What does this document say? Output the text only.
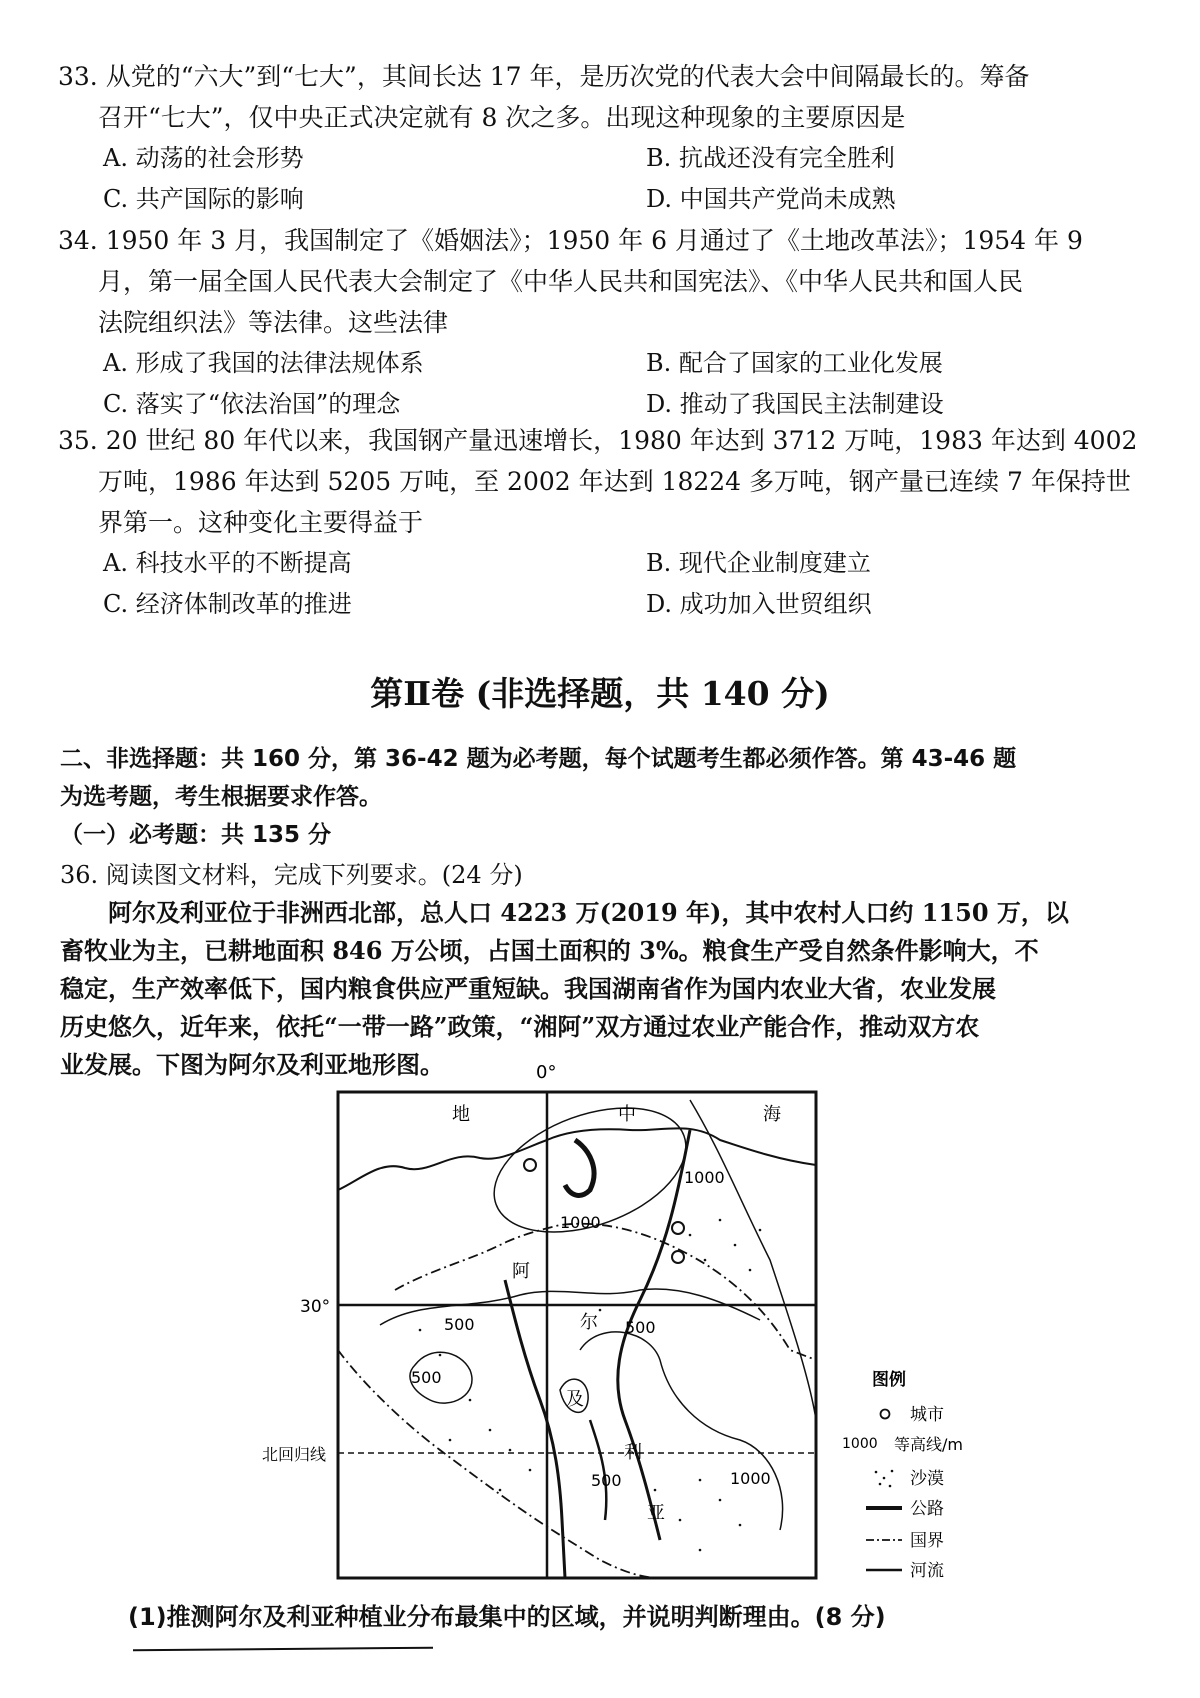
33. 从党的“六大”到“七大”，其间长达 17 年，是历次党的代表大会中间隔最长的。筹备

召开“七大”，仅中央正式决定就有 8 次之多。出现这种现象的主要原因是

A. 动荡的社会形势	B. 抗战还没有完全胜利
C. 共产国际的影响	D. 中国共产党尚未成熟

34. 1950 年 3 月，我国制定了《婚姻法》；1950 年 6 月通过了《土地改革法》；1954 年 9

月，第一届全国人民代表大会制定了《中华人民共和国宪法》、《中华人民共和国人民

法院组织法》等法律。这些法律

A. 形成了我国的法律法规体系	B. 配合了国家的工业化发展
C. 落实了“依法治国”的理念	D. 推动了我国民主法制建设

35. 20 世纪 80 年代以来，我国钢产量迅速增长，1980 年达到 3712 万吨，1983 年达到 4002

万吨，1986 年达到 5205 万吨，至 2002 年达到 18224 多万吨，钢产量已连续 7 年保持世

界第一。这种变化主要得益于

A. 科技水平的不断提高	B. 现代企业制度建立
C. 经济体制改革的推进	D. 成功加入世贸组织
第Ⅱ卷 (非选择题，共 140 分)

二、非选择题：共 160 分，第 36-42 题为必考题，每个试题考生都必须作答。第 43-46 题

为选考题，考生根据要求作答。

（一）必考题：共 135 分

36. 阅读图文材料，完成下列要求。(24 分)

阿尔及利亚位于非洲西北部，总人口 4223 万(2019 年)，其中农村人口约 1150 万，以

畜牧业为主，已耕地面积 846 万公顷，占国土面积的 3%。粮食生产受自然条件影响大，不

稳定，生产效率低下，国内粮食供应严重短缺。我国湖南省作为国内农业大省，农业发展

历史悠久，近年来，依托“一带一路”政策，“湘阿”双方通过农业产能合作，推动双方农

业发展。下图为阿尔及利亚地形图。	0°
30°
北回归线
地	中	海
阿
尔
及
利
亚
1000
1000
500	500
500
500	1000
图例
城市
1000 等高线/m
沙漠
公路
国界
河流
(1)推测阿尔及利亚种植业分布最集中的区域，并说明判断理由。(8 分)
